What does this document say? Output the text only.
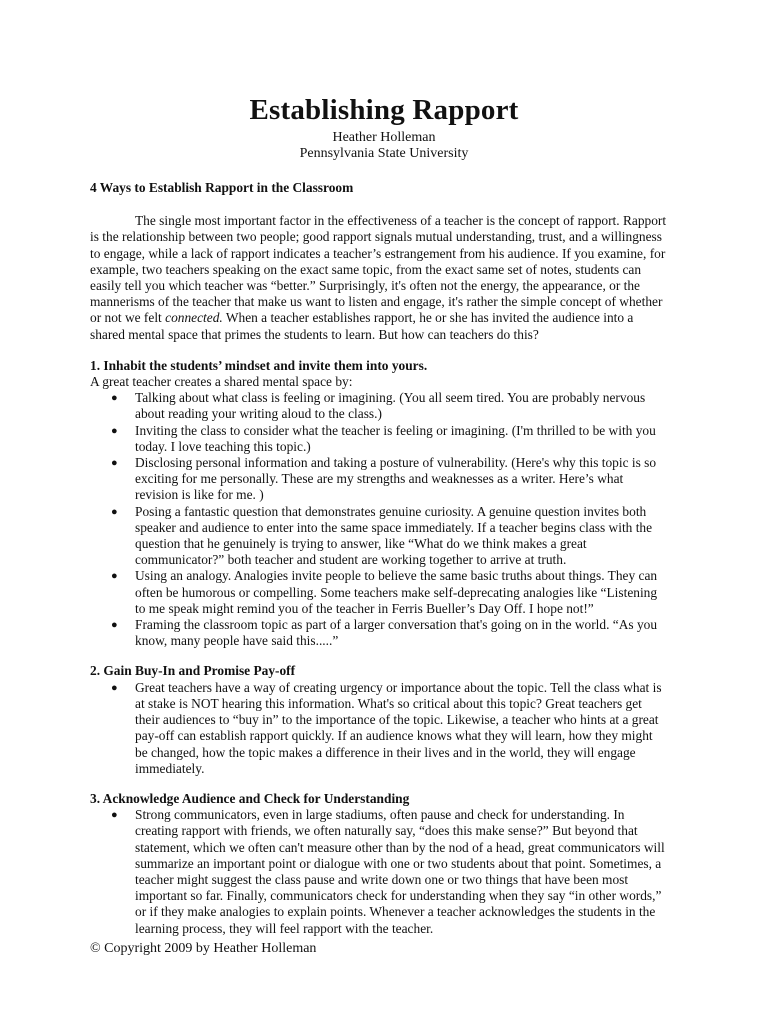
Establishing Rapport
Heather Holleman
Pennsylvania State University

4 Ways to Establish Rapport in the Classroom

The single most important factor in the effectiveness of a teacher is the concept of rapport. Rapport is the relationship between two people; good rapport signals mutual understanding, trust, and a willingness to engage, while a lack of rapport indicates a teacher’s estrangement from his audience. If you examine, for example, two teachers speaking on the exact same topic, from the exact same set of notes, students can easily tell you which teacher was “better.” Surprisingly, it's often not the energy, the appearance, or the mannerisms of the teacher that make us want to listen and engage, it's rather the simple concept of whether or not we felt connected. When a teacher establishes rapport, he or she has invited the audience into a shared mental space that primes the students to learn. But how can teachers do this?

1. Inhabit the students’ mindset and invite them into yours.

A great teacher creates a shared mental space by:

● Talking about what class is feeling or imagining. (You all seem tired. You are probably nervous about reading your writing aloud to the class.)
● Inviting the class to consider what the teacher is feeling or imagining. (I'm thrilled to be with you today. I love teaching this topic.)
● Disclosing personal information and taking a posture of vulnerability. (Here's why this topic is so exciting for me personally. These are my strengths and weaknesses as a writer. Here’s what revision is like for me. )
● Posing a fantastic question that demonstrates genuine curiosity. A genuine question invites both speaker and audience to enter into the same space immediately. If a teacher begins class with the question that he genuinely is trying to answer, like “What do we think makes a great communicator?” both teacher and student are working together to arrive at truth.
● Using an analogy. Analogies invite people to believe the same basic truths about things. They can often be humorous or compelling. Some teachers make self-deprecating analogies like “Listening to me speak might remind you of the teacher in Ferris Bueller’s Day Off. I hope not!”
● Framing the classroom topic as part of a larger conversation that's going on in the world. “As you know, many people have said this.....”

2. Gain Buy-In and Promise Pay-off

● Great teachers have a way of creating urgency or importance about the topic. Tell the class what is at stake is NOT hearing this information. What's so critical about this topic? Great teachers get their audiences to “buy in” to the importance of the topic. Likewise, a teacher who hints at a great pay-off can establish rapport quickly. If an audience knows what they will learn, how they might be changed, how the topic makes a difference in their lives and in the world, they will engage immediately.

3. Acknowledge Audience and Check for Understanding

● Strong communicators, even in large stadiums, often pause and check for understanding. In creating rapport with friends, we often naturally say, “does this make sense?” But beyond that statement, which we often can't measure other than by the nod of a head, great communicators will summarize an important point or dialogue with one or two students about that point. Sometimes, a teacher might suggest the class pause and write down one or two things that have been most important so far. Finally, communicators check for understanding when they say “in other words,” or if they make analogies to explain points. Whenever a teacher acknowledges the students in the learning process, they will feel rapport with the teacher.
© Copyright 2009 by Heather Holleman
